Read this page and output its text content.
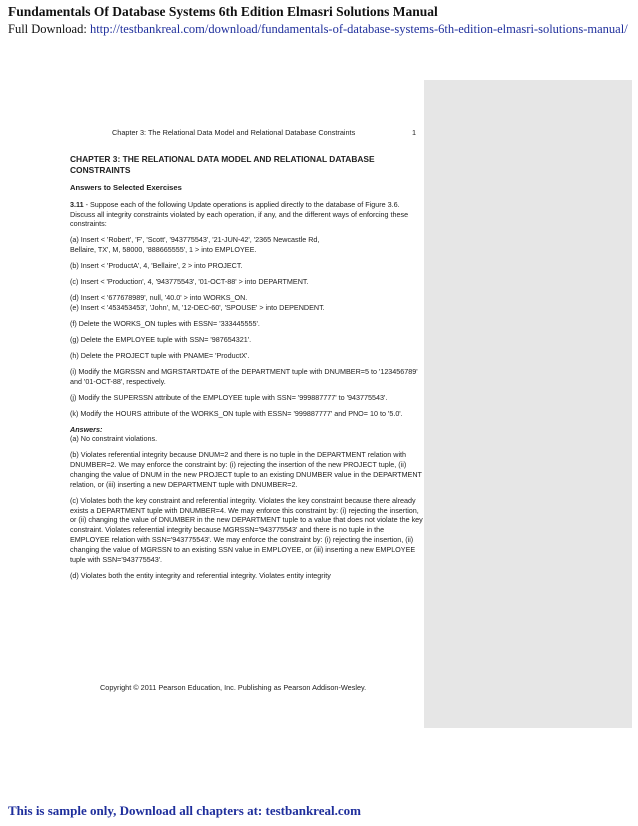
Fundamentals Of Database Systems 6th Edition Elmasri Solutions Manual
Full Download: http://testbankreal.com/download/fundamentals-of-database-systems-6th-edition-elmasri-solutions-manual/
Chapter 3: The Relational Data Model and Relational Database Constraints	1

CHAPTER 3: THE RELATIONAL DATA MODEL AND RELATIONAL DATABASE CONSTRAINTS

Answers to Selected Exercises

3.11 - Suppose each of the following Update operations is applied directly to the database of Figure 3.6. Discuss all integrity constraints violated by each operation, if any, and the different ways of enforcing these constraints:

(a) Insert < 'Robert', 'F', 'Scott', '943775543', '21-JUN-42', '2365 Newcastle Rd,
Bellaire, TX', M, 58000, '888665555', 1 > into EMPLOYEE.

(b) Insert < 'ProductA', 4, 'Bellaire', 2 > into PROJECT.

(c) Insert < 'Production', 4, '943775543', '01-OCT-88' > into DEPARTMENT.

(d) Insert < '677678989', null, '40.0' > into WORKS_ON.
(e) Insert < '453453453', 'John', M, '12-DEC-60', 'SPOUSE' > into DEPENDENT.

(f) Delete the WORKS_ON tuples with ESSN= '333445555'.

(g) Delete the EMPLOYEE tuple with SSN= '987654321'.

(h) Delete the PROJECT tuple with PNAME= 'ProductX'.

(i) Modify the MGRSSN and MGRSTARTDATE of the DEPARTMENT tuple with DNUMBER=5 to '123456789' and '01-OCT-88', respectively.

(j) Modify the SUPERSSN attribute of the EMPLOYEE tuple with SSN= '999887777' to '943775543'.

(k) Modify the HOURS attribute of the WORKS_ON tuple with ESSN= '999887777' and PNO= 10 to '5.0'.

Answers:
(a) No constraint violations.

(b) Violates referential integrity because DNUM=2 and there is no tuple in the DEPARTMENT relation with DNUMBER=2. We may enforce the constraint by: (i) rejecting the insertion of the new PROJECT tuple, (ii) changing the value of DNUM in the new PROJECT tuple to an existing DNUMBER value in the DEPARTMENT relation, or (iii) inserting a new DEPARTMENT tuple with DNUMBER=2.

(c) Violates both the key constraint and referential integrity. Violates the key constraint because there already exists a DEPARTMENT tuple with DNUMBER=4. We may enforce this constraint by: (i) rejecting the insertion, or (ii) changing the value of DNUMBER in the new DEPARTMENT tuple to a value that does not violate the key constraint. Violates referential integrity because MGRSSN='943775543' and there is no tuple in the EMPLOYEE relation with SSN='943775543'. We may enforce the constraint by: (i) rejecting the insertion, (ii) changing the value of MGRSSN to an existing SSN value in EMPLOYEE, or (iii) inserting a new EMPLOYEE tuple with SSN='943775543'.

(d) Violates both the entity integrity and referential integrity. Violates entity integrity

Copyright © 2011 Pearson Education, Inc. Publishing as Pearson Addison-Wesley.
This is sample only, Download all chapters at: testbankreal.com
